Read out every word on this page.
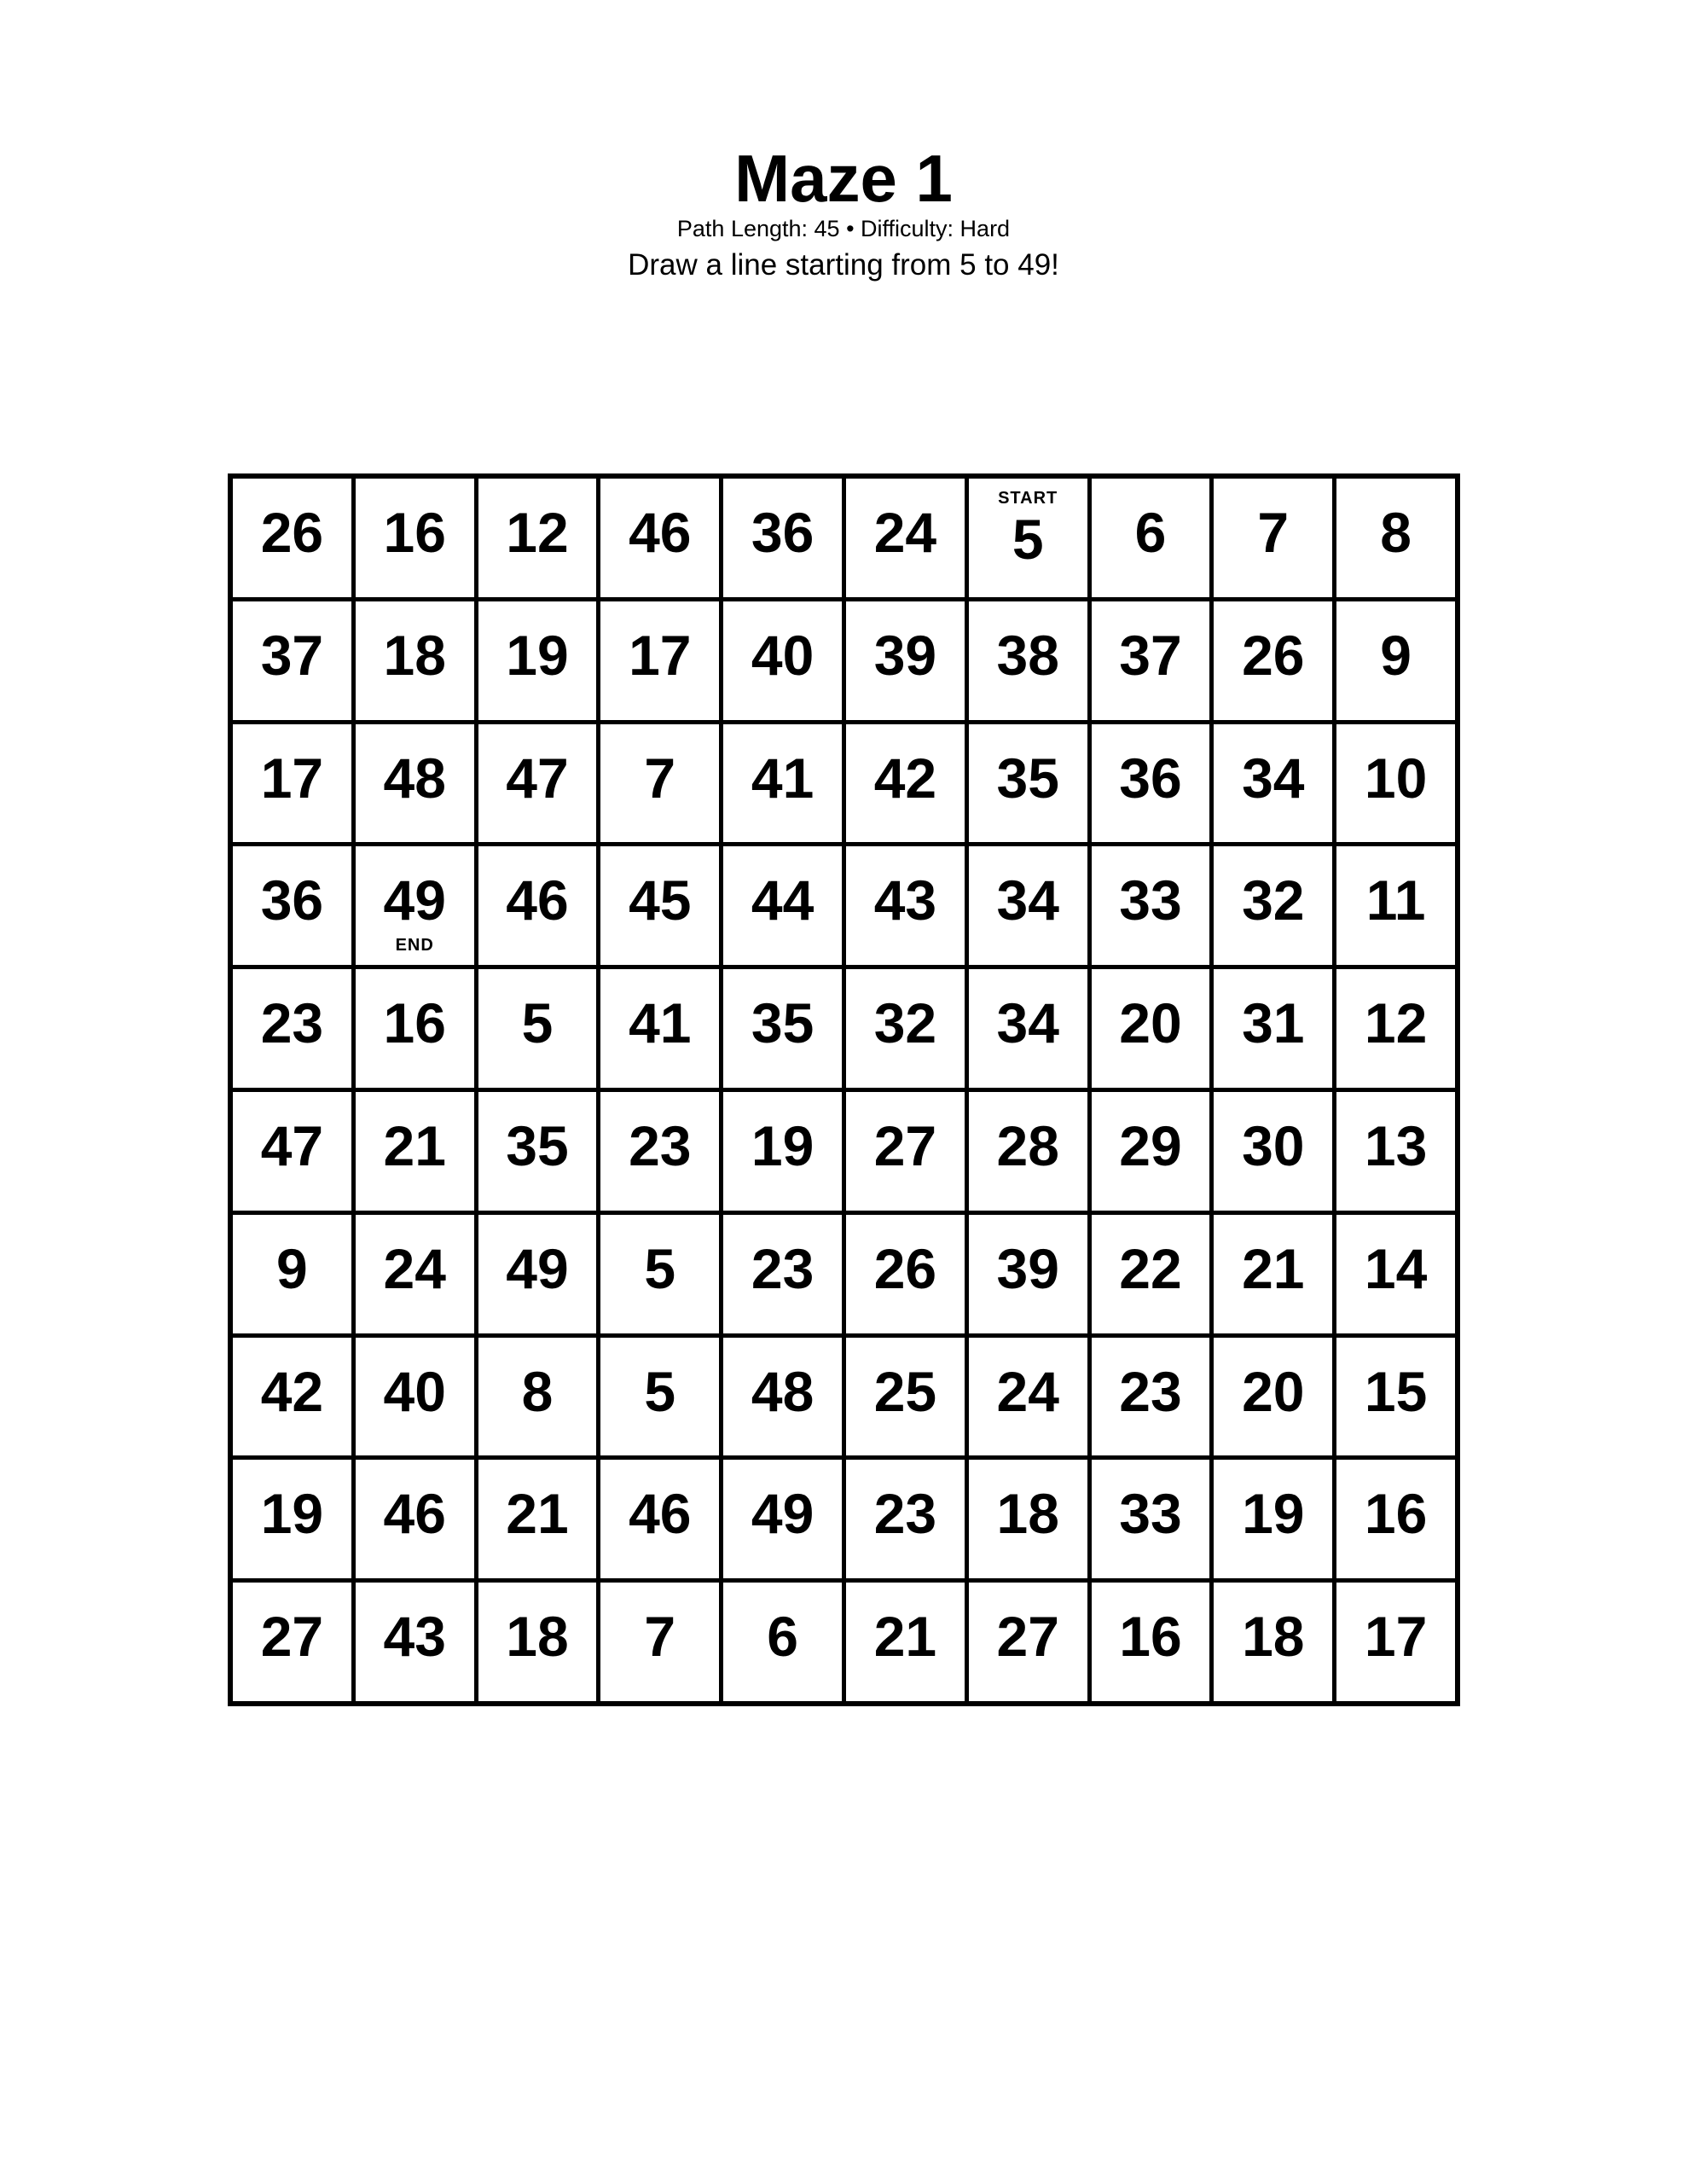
Maze 1
Path Length: 45 • Difficulty: Hard
Draw a line starting from 5 to 49!
26 16 12 46 36 24
START
5 6 7 8
37 18 19 17 40 39 38 37 26 9
17 48 47 7 41 42 35 36 34 10
36 49
END
46 45 44 43 34 33 32 11
23 16 5 41 35 32 34 20 31 12
47 21 35 23 19 27 28 29 30 13
9 24 49 5 23 26 39 22 21 14
42 40 8 5 48 25 24 23 20 15
19 46 21 46 49 23 18 33 19 16
27 43 18 7 6 21 27 16 18 17
